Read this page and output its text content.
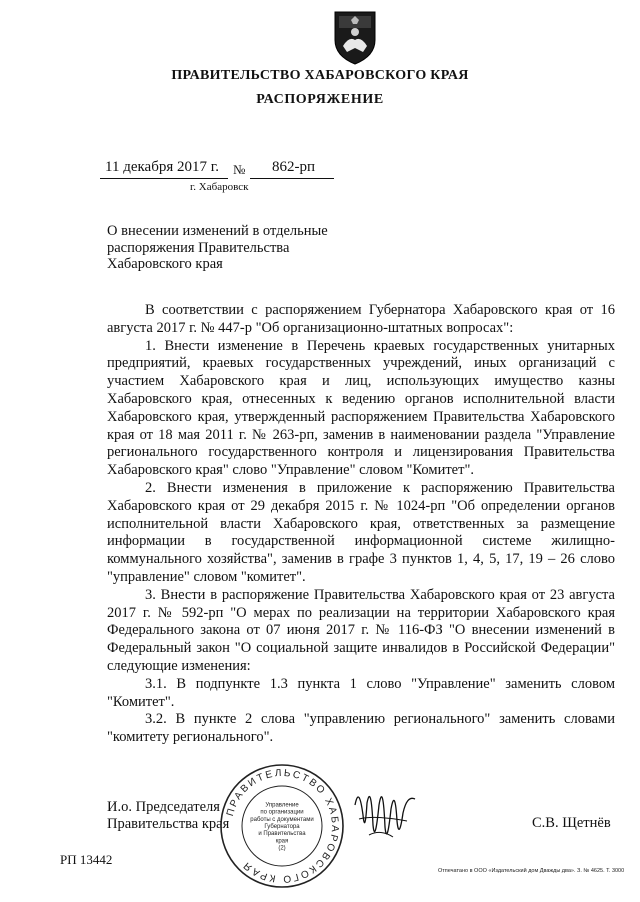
ПРАВИТЕЛЬСТВО ХАБАРОВСКОГО КРАЯ
РАСПОРЯЖЕНИЕ
11 декабря 2017 г. № 862-рп
г. Хабаровск
О внесении изменений в отдельные распоряжения Правительства Хабаровского края

В соответствии с распоряжением Губернатора Хабаровского края от 16 августа 2017 г. № 447-р "Об организационно-штатных вопросах":

1. Внести изменение в Перечень краевых государственных унитарных предприятий, краевых государственных учреждений, иных организаций с участием Хабаровского края и лиц, использующих имущество казны Хабаровского края, отнесенных к ведению органов исполнительной власти Хабаровского края, утвержденный распоряжением Правительства Хабаровского края от 18 мая 2011 г. № 263-рп, заменив в наименовании раздела "Управление регионального государственного контроля и лицензирования Правительства Хабаровского края" слово "Управление" словом "Комитет".

2. Внести изменения в приложение к распоряжению Правительства Хабаровского края от 29 декабря 2015 г. № 1024-рп "Об определении органов исполнительной власти Хабаровского края, ответственных за размещение информации в государственной информационной системе жилищно-коммунального хозяйства", заменив в графе 3 пунктов 1, 4, 5, 17, 19 – 26 слово "управление" словом "комитет".

3. Внести в распоряжение Правительства Хабаровского края от 23 августа 2017 г. № 592-рп "О мерах по реализации на территории Хабаровского края Федерального закона от 07 июня 2017 г. № 116-ФЗ "О внесении изменений в Федеральный закон "О социальной защите инвалидов в Российской Федерации" следующие изменения:

3.1. В подпункте 1.3 пункта 1 слово "Управление" заменить словом "Комитет".

3.2. В пункте 2 слова "управлению регионального" заменить словами "комитету регионального".

И.о. Председателя
Правительства края
ПРАВИТЕЛЬСТВО ХАБАРОВСКОГО КРАЯ
Управление
по организации
работы с документами
Губернатора
и Правительства
края
(2)
С.В. Щетнёв
РП 13442
Отпечатано в ООО «Издательский дом Дважды два». З. № 4625. Т. 3000
